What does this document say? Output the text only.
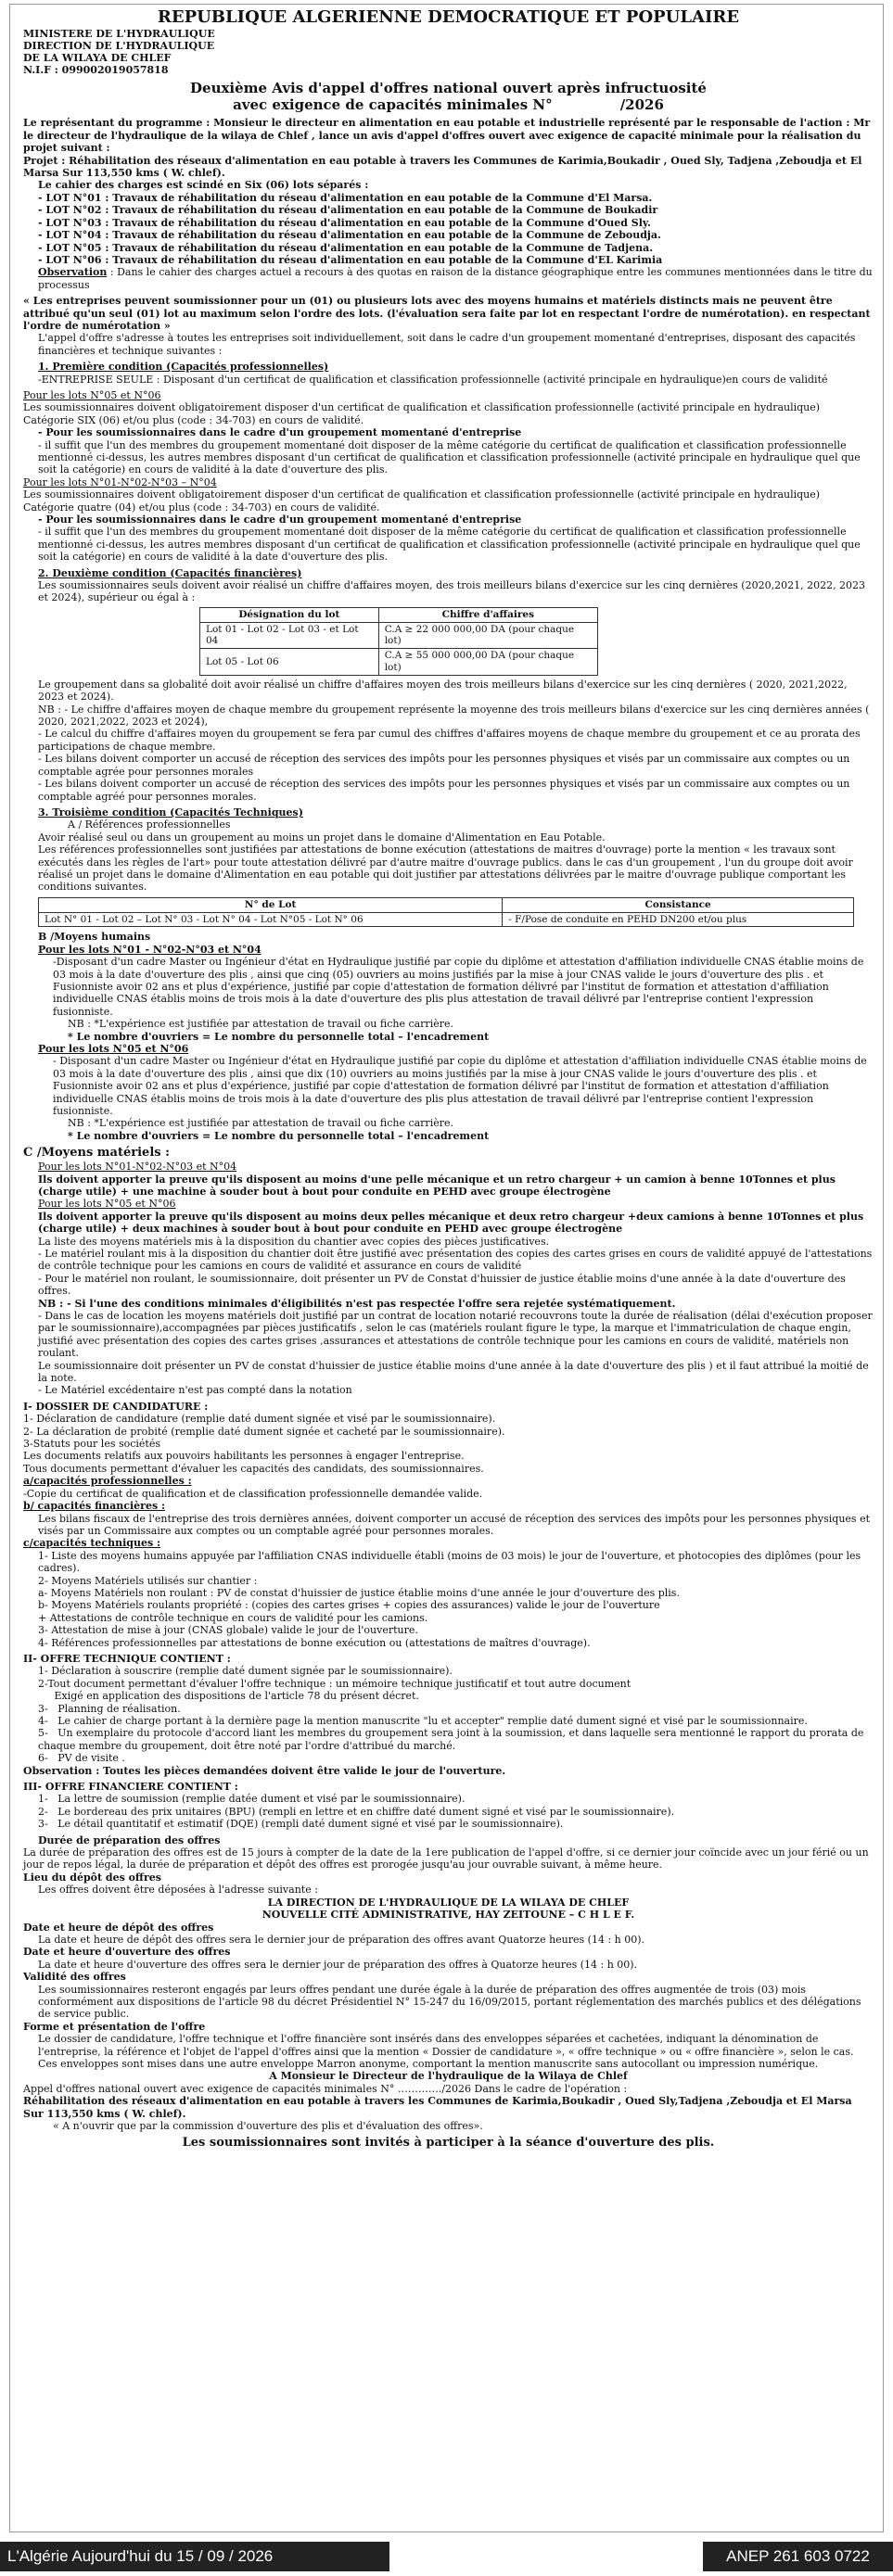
REPUBLIQUE ALGERIENNE DEMOCRATIQUE ET POPULAIRE
MINISTERE DE L'HYDRAULIQUE
DIRECTION DE L'HYDRAULIQUE
DE LA WILAYA DE CHLEF
N.I.F : 099002019057818
Deuxième Avis d'appel d'offres national ouvert après infructuosité
avec exigence de capacités minimales N°              /2026

Le représentant du programme : Monsieur le directeur en alimentation en eau potable et industrielle représenté par le responsable de l'action : Mr le directeur de l'hydraulique de la wilaya de Chlef , lance un avis d'appel d'offres ouvert avec exigence de capacité minimale pour la réalisation du projet suivant :

Projet : Réhabilitation des réseaux d'alimentation en eau potable à travers les Communes de Karimia,Boukadir , Oued Sly, Tadjena ,Zeboudja et El Marsa Sur 113,550 kms ( W. chlef).

Le cahier des charges est scindé en Six (06) lots séparés :

- LOT N°01 : Travaux de réhabilitation du réseau d'alimentation en eau potable de la Commune d'El Marsa.

- LOT N°02 : Travaux de réhabilitation du réseau d'alimentation en eau potable de la Commune de Boukadir

- LOT N°03 : Travaux de réhabilitation du réseau d'alimentation en eau potable de la Commune d'Oued Sly.

- LOT N°04 : Travaux de réhabilitation du réseau d'alimentation en eau potable de la Commune de Zeboudja.

- LOT N°05 : Travaux de réhabilitation du réseau d'alimentation en eau potable de la Commune de Tadjena.

- LOT N°06 : Travaux de réhabilitation du réseau d'alimentation en eau potable de la Commune d'EL Karimia

Observation : Dans le cahier des charges actuel a recours à des quotas en raison de la distance géographique entre les communes mentionnées dans le titre du processus

« Les entreprises peuvent soumissionner pour un (01) ou plusieurs lots avec des moyens humains et matériels distincts mais ne peuvent être attribué qu'un seul (01) lot au maximum selon l'ordre des lots. (l'évaluation sera faite par lot en respectant l'ordre de numérotation). en respectant l'ordre de numérotation »

L'appel d'offre s'adresse à toutes les entreprises soit individuellement, soit dans le cadre d'un groupement momentané d'entreprises, disposant des capacités financières et technique suivantes :

1. Première condition (Capacités professionnelles)

-ENTREPRISE SEULE : Disposant d'un certificat de qualification et classification professionnelle (activité principale en hydraulique)en cours de validité

Pour les lots N°05 et N°06

Les soumissionnaires doivent obligatoirement disposer d'un certificat de qualification et classification professionnelle (activité principale en hydraulique) Catégorie SIX (06) et/ou plus (code : 34-703) en cours de validité.

- Pour les soumissionnaires dans le cadre d'un groupement momentané d'entreprise

- il suffit que l'un des membres du groupement momentané doit disposer de la même catégorie du certificat de qualification et classification professionnelle mentionné ci-dessus, les autres membres disposant d'un certificat de qualification et classification professionnelle (activité principale en hydraulique quel que soit la catégorie) en cours de validité à la date d'ouverture des plis.

Pour les lots N°01-N°02-N°03 – N°04

Les soumissionnaires doivent obligatoirement disposer d'un certificat de qualification et classification professionnelle (activité principale en hydraulique) Catégorie quatre (04) et/ou plus (code : 34-703) en cours de validité.

- Pour les soumissionnaires dans le cadre d'un groupement momentané d'entreprise

- il suffit que l'un des membres du groupement momentané doit disposer de la même catégorie du certificat de qualification et classification professionnelle mentionné ci-dessus, les autres membres disposant d'un certificat de qualification et classification professionnelle (activité principale en hydraulique quel que soit la catégorie) en cours de validité à la date d'ouverture des plis.

2. Deuxième condition (Capacités financières)

Les soumissionnaires seuls doivent avoir réalisé un chiffre d'affaires moyen, des trois meilleurs bilans d'exercice sur les cinq dernières (2020,2021, 2022, 2023 et 2024), supérieur ou égal à :

Désignation du lot	Chiffre d'affaires
Lot 01 - Lot 02 - Lot 03 - et Lot 04	C.A ≥ 22 000 000,00 DA (pour chaque lot)
Lot 05 - Lot 06	C.A ≥ 55 000 000,00 DA (pour chaque lot)

Le groupement dans sa globalité doit avoir réalisé un chiffre d'affaires moyen des trois meilleurs bilans d'exercice sur les cinq dernières ( 2020, 2021,2022, 2023 et 2024).

NB : - Le chiffre d'affaires moyen de chaque membre du groupement représente la moyenne des trois meilleurs bilans d'exercice sur les cinq dernières années ( 2020, 2021,2022, 2023 et 2024),

- Le calcul du chiffre d'affaires moyen du groupement se fera par cumul des chiffres d'affaires moyens de chaque membre du groupement et ce au prorata des participations de chaque membre.

- Les bilans doivent comporter un accusé de réception des services des impôts pour les personnes physiques et visés par un commissaire aux comptes ou un comptable agrée pour personnes morales

- Les bilans doivent comporter un accusé de réception des services des impôts pour les personnes physiques et visés par un commissaire aux comptes ou un comptable agréé pour personnes morales.

3. Troisième condition (Capacités Techniques)

A / Références professionnelles

Avoir réalisé seul ou dans un groupement au moins un projet dans le domaine d'Alimentation en Eau Potable.

Les références professionnelles sont justifiées par attestations de bonne exécution (attestations de maitres d'ouvrage) porte la mention « les travaux sont exécutés dans les règles de l'art» pour toute attestation délivré par d'autre maitre d'ouvrage publics. dans le cas d'un groupement , l'un du groupe doit avoir réalisé un projet dans le domaine d'Alimentation en eau potable qui doit justifier par attestations délivrées par le maitre d'ouvrage publique comportant les conditions suivantes.

N° de Lot	Consistance
Lot N° 01 - Lot 02 – Lot N° 03 - Lot N° 04 - Lot N°05 - Lot N° 06	- F/Pose de conduite en PEHD DN200 et/ou plus

B /Moyens humains

Pour les lots N°01 - N°02-N°03 et N°04

-Disposant d'un cadre Master ou Ingénieur d'état en Hydraulique justifié par copie du diplôme et attestation d'affiliation individuelle CNAS établie moins de 03 mois à la date d'ouverture des plis , ainsi que cinq (05) ouvriers au moins justifiés par la mise à jour CNAS valide le jours d'ouverture des plis . et Fusionniste avoir 02 ans et plus d'expérience, justifié par copie d'attestation de formation délivré par l'institut de formation et attestation d'affiliation individuelle CNAS établis moins de trois mois à la date d'ouverture des plis plus attestation de travail délivré par l'entreprise contient l'expression fusionniste.

NB : *L'expérience est justifiée par attestation de travail ou fiche carrière.

* Le nombre d'ouvriers = Le nombre du personnelle total – l'encadrement

Pour les lots N°05 et N°06

- Disposant d'un cadre Master ou Ingénieur d'état en Hydraulique justifié par copie du diplôme et attestation d'affiliation individuelle CNAS établie moins de 03 mois à la date d'ouverture des plis , ainsi que dix (10) ouvriers au moins justifiés par la mise à jour CNAS valide le jours d'ouverture des plis . et Fusionniste avoir 02 ans et plus d'expérience, justifié par copie d'attestation de formation délivré par l'institut de formation et attestation d'affiliation individuelle CNAS établis moins de trois mois à la date d'ouverture des plis plus attestation de travail délivré par l'entreprise contient l'expression fusionniste.

NB : *L'expérience est justifiée par attestation de travail ou fiche carrière.

* Le nombre d'ouvriers = Le nombre du personnelle total – l'encadrement

C /Moyens matériels :

Pour les lots N°01-N°02-N°03 et N°04

Ils doivent apporter la preuve qu'ils disposent au moins d'une pelle mécanique et un retro chargeur + un camion à benne 10Tonnes et plus (charge utile) + une machine à souder bout à bout pour conduite en PEHD avec groupe électrogène

Pour les lots N°05 et N°06

Ils doivent apporter la preuve qu'ils disposent au moins deux pelles mécanique et deux retro chargeur +deux camions à benne 10Tonnes et plus (charge utile) + deux machines à souder bout à bout pour conduite en PEHD avec groupe électrogène

La liste des moyens matériels mis à la disposition du chantier avec copies des pièces justificatives.

- Le matériel roulant mis à la disposition du chantier doit être justifié avec présentation des copies des cartes grises en cours de validité appuyé de l'attestations de contrôle technique pour les camions en cours de validité et assurance en cours de validité

- Pour le matériel non roulant, le soumissionnaire, doit présenter un PV de Constat d'huissier de justice établie moins d'une année à la date d'ouverture des offres.

NB : - Si l'une des conditions minimales d'éligibilités n'est pas respectée l'offre sera rejetée systématiquement.

- Dans le cas de location les moyens matériels doit justifié par un contrat de location notarié recouvrons toute la durée de réalisation (délai d'exécution proposer par le soumissionnaire),accompagnées par pièces justificatifs , selon le cas (matériels roulant figure le type, la marque et l'immatriculation de chaque engin, justifié avec présentation des copies des cartes grises ,assurances et attestations de contrôle technique pour les camions en cours de validité, matériels non roulant.

Le soumissionnaire doit présenter un PV de constat d'huissier de justice établie moins d'une année à la date d'ouverture des plis ) et il faut attribué la moitié de la note.

- Le Matériel excédentaire n'est pas compté dans la notation

I- DOSSIER DE CANDIDATURE :

1- Déclaration de candidature (remplie daté dument signée et visé par le soumissionnaire).

2- La déclaration de probité (remplie daté dument signée et cacheté par le soumissionnaire).

3-Statuts pour les sociétés

Les documents relatifs aux pouvoirs habilitants les personnes à engager l'entreprise.

Tous documents permettant d'évaluer les capacités des candidats, des soumissionnaires.

a/capacités professionnelles :

-Copie du certificat de qualification et de classification professionnelle demandée valide.

b/ capacités financières :

Les bilans fiscaux de l'entreprise des trois dernières années, doivent comporter un accusé de réception des services des impôts pour les personnes physiques et visés par un Commissaire aux comptes ou un comptable agréé pour personnes morales.

c/capacités techniques :

1- Liste des moyens humains appuyée par l'affiliation CNAS individuelle établi (moins de 03 mois) le jour de l'ouverture, et photocopies des diplômes (pour les cadres).

2- Moyens Matériels utilisés sur chantier :

a- Moyens Matériels non roulant : PV de constat d'huissier de justice établie moins d'une année le jour d'ouverture des plis.

b- Moyens Matériels roulants propriété : (copies des cartes grises + copies des assurances) valide le jour de l'ouverture

+ Attestations de contrôle technique en cours de validité pour les camions.

3- Attestation de mise à jour (CNAS globale) valide le jour de l'ouverture.

4- Références professionnelles par attestations de bonne exécution ou (attestations de maîtres d'ouvrage).

II- OFFRE TECHNIQUE CONTIENT :

1- Déclaration à souscrire (remplie daté dument signée par le soumissionnaire).

2-Tout document permettant d'évaluer l'offre technique : un mémoire technique justificatif et tout autre document

Exigé en application des dispositions de l'article 78 du présent décret.

3-   Planning de réalisation.

4-   Le cahier de charge portant à la dernière page la mention manuscrite "lu et accepter" remplie daté dument signé et visé par le soumissionnaire.

5-   Un exemplaire du protocole d'accord liant les membres du groupement sera joint à la soumission, et dans laquelle sera mentionné le rapport du prorata de chaque membre du groupement, doit être noté par l'ordre d'attribué du marché.

6-   PV de visite .

Observation : Toutes les pièces demandées doivent être valide le jour de l'ouverture.

III- OFFRE FINANCIERE CONTIENT :

1-   La lettre de soumission (remplie datée dument et visé par le soumissionnaire).

2-   Le bordereau des prix unitaires (BPU) (rempli en lettre et en chiffre daté dument signé et visé par le soumissionnaire).

3-   Le détail quantitatif et estimatif (DQE) (rempli daté dument signé et visé par le soumissionnaire).

Durée de préparation des offres

La durée de préparation des offres est de 15 jours à compter de la date de la 1ere publication de l'appel d'offre, si ce dernier jour coïncide avec un jour férié ou un jour de repos légal, la durée de préparation et dépôt des offres est prorogée jusqu'au jour ouvrable suivant, à même heure.

Lieu du dépôt des offres

Les offres doivent être déposées à l'adresse suivante :

LA DIRECTION DE L'HYDRAULIQUE DE LA WILAYA DE CHLEF

NOUVELLE CITÉ ADMINISTRATIVE, HAY ZEITOUNE – C H L E F.

Date et heure de dépôt des offres

La date et heure de dépôt des offres sera le dernier jour de préparation des offres avant Quatorze heures (14 : h 00).

Date et heure d'ouverture des offres

La date et heure d'ouverture des offres sera le dernier jour de préparation des offres à Quatorze heures (14 : h 00).

Validité des offres

Les soumissionnaires resteront engagés par leurs offres pendant une durée égale à la durée de préparation des offres augmentée de trois (03) mois conformément aux dispositions de l'article 98 du décret Présidentiel N° 15-247 du 16/09/2015, portant réglementation des marchés publics et des délégations de service public.

Forme et présentation de l'offre

Le dossier de candidature, l'offre technique et l'offre financière sont insérés dans des enveloppes séparées et cachetées, indiquant la dénomination de l'entreprise, la référence et l'objet de l'appel d'offres ainsi que la mention « Dossier de candidature », « offre technique » ou « offre financière », selon le cas. Ces enveloppes sont mises dans une autre enveloppe Marron anonyme, comportant la mention manuscrite sans autocollant ou impression numérique.

A Monsieur le Directeur de l'hydraulique de la Wilaya de Chlef

Appel d'offres national ouvert avec exigence de capacités minimales N° …………./2026 Dans le cadre de l'opération :

Réhabilitation des réseaux d'alimentation en eau potable à travers les Communes de Karimia,Boukadir , Oued Sly,Tadjena ,Zeboudja et El Marsa Sur 113,550 kms ( W. chlef).

« A n'ouvrir que par la commission d'ouverture des plis et d'évaluation des offres».

Les soumissionnaires sont invités à participer à la séance d'ouverture des plis.

L'Algérie Aujourd'hui du 15 / 09 / 2026	ANEP 261 603 0722
